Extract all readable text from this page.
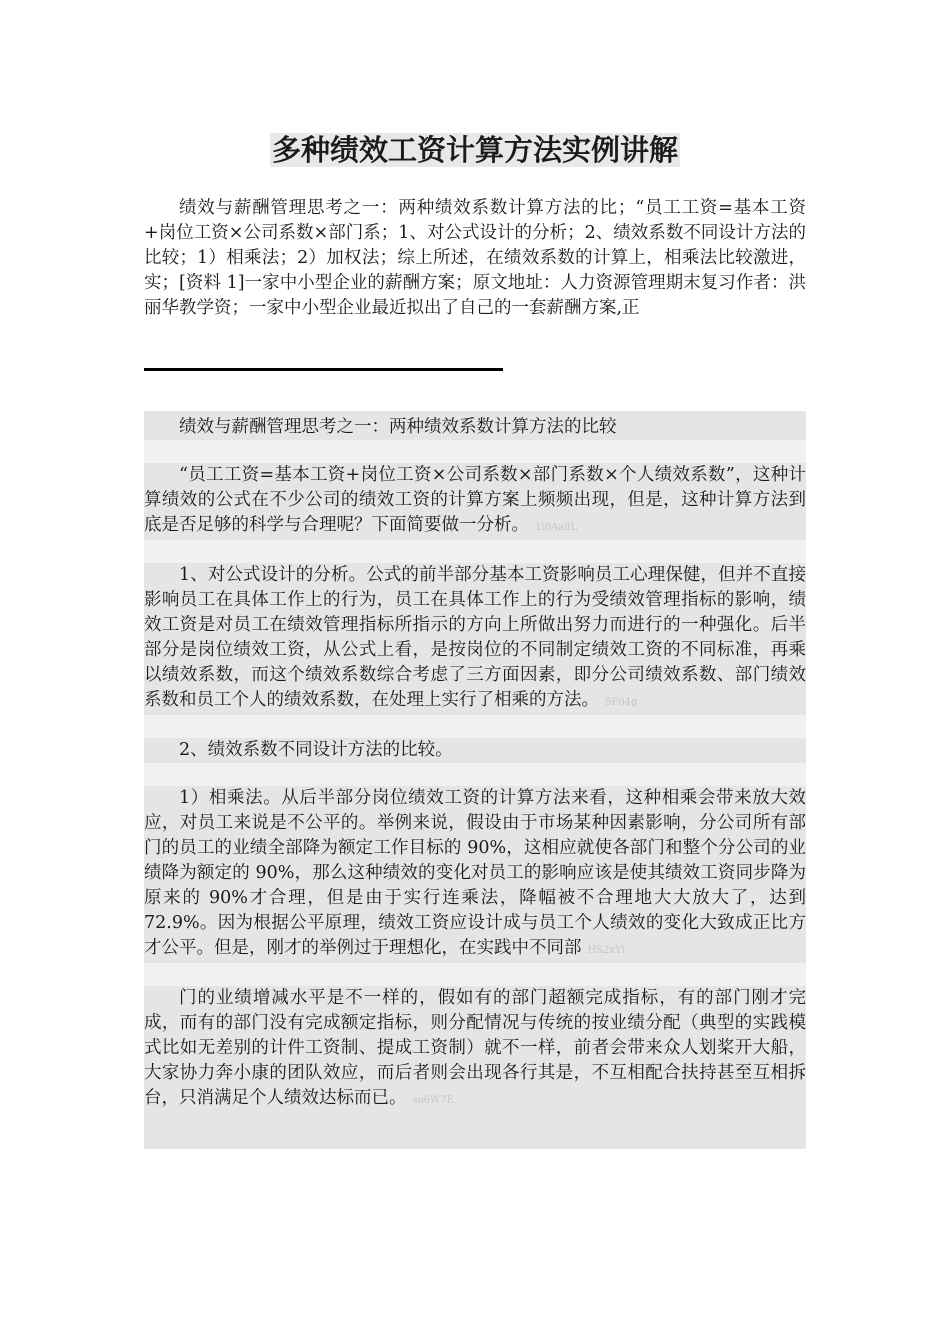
多种绩效工资计算方法实例讲解

绩效与薪酬管理思考之一：两种绩效系数计算方法的比；“员工工资=基本工资+岗位工资×公司系数×部门系；1、对公式设计的分析；2、绩效系数不同设计方法的比较；1）相乘法；2）加权法；综上所述，在绩效系数的计算上，相乘法比较激进，实；[资料 1]一家中小型企业的薪酬方案；原文地址：人力资源管理期末复习作者：洪丽华教学资；一家中小型企业最近拟出了自己的一套薪酬方案,正

绩效与薪酬管理思考之一：两种绩效系数计算方法的比较

“员工工资=基本工资+岗位工资×公司系数×部门系数×个人绩效系数”，这种计算绩效的公式在不少公司的绩效工资的计算方案上频频出现，但是，这种计算方法到底是否足够的科学与合理呢？下面简要做一分析。 1l0Aa8L

1、对公式设计的分析。公式的前半部分基本工资影响员工心理保健，但并不直接影响员工在具体工作上的行为，员工在具体工作上的行为受绩效管理指标的影响，绩效工资是对员工在绩效管理指标所指示的方向上所做出努力而进行的一种强化。后半部分是岗位绩效工资，从公式上看，是按岗位的不同制定绩效工资的不同标准，再乘以绩效系数，而这个绩效系数综合考虑了三方面因素，即分公司绩效系数、部门绩效系数和员工个人的绩效系数，在处理上实行了相乘的方法。 5F04g

2、绩效系数不同设计方法的比较。

1）相乘法。从后半部分岗位绩效工资的计算方法来看，这种相乘会带来放大效应，对员工来说是不公平的。举例来说，假设由于市场某种因素影响，分公司所有部门的员工的业绩全部降为额定工作目标的 90%，这相应就使各部门和整个分公司的业绩降为额定的 90%，那么这种绩效的变化对员工的影响应该是使其绩效工资同步降为原来的 90%才合理，但是由于实行连乘法，降幅被不合理地大大放大了，达到 72.9%。因为根据公平原理，绩效工资应设计成与员工个人绩效的变化大致成正比方才公平。但是，刚才的举例过于理想化，在实践中不同部 HS2xYl

门的业绩增减水平是不一样的，假如有的部门超额完成指标，有的部门刚才完成，而有的部门没有完成额定指标，则分配情况与传统的按业绩分配（典型的实践模式比如无差别的计件工资制、提成工资制）就不一样，前者会带来众人划桨开大船，大家协力奔小康的团队效应，而后者则会出现各行其是，不互相配合扶持甚至互相拆台，只消满足个人绩效达标而已。 so6W7E
